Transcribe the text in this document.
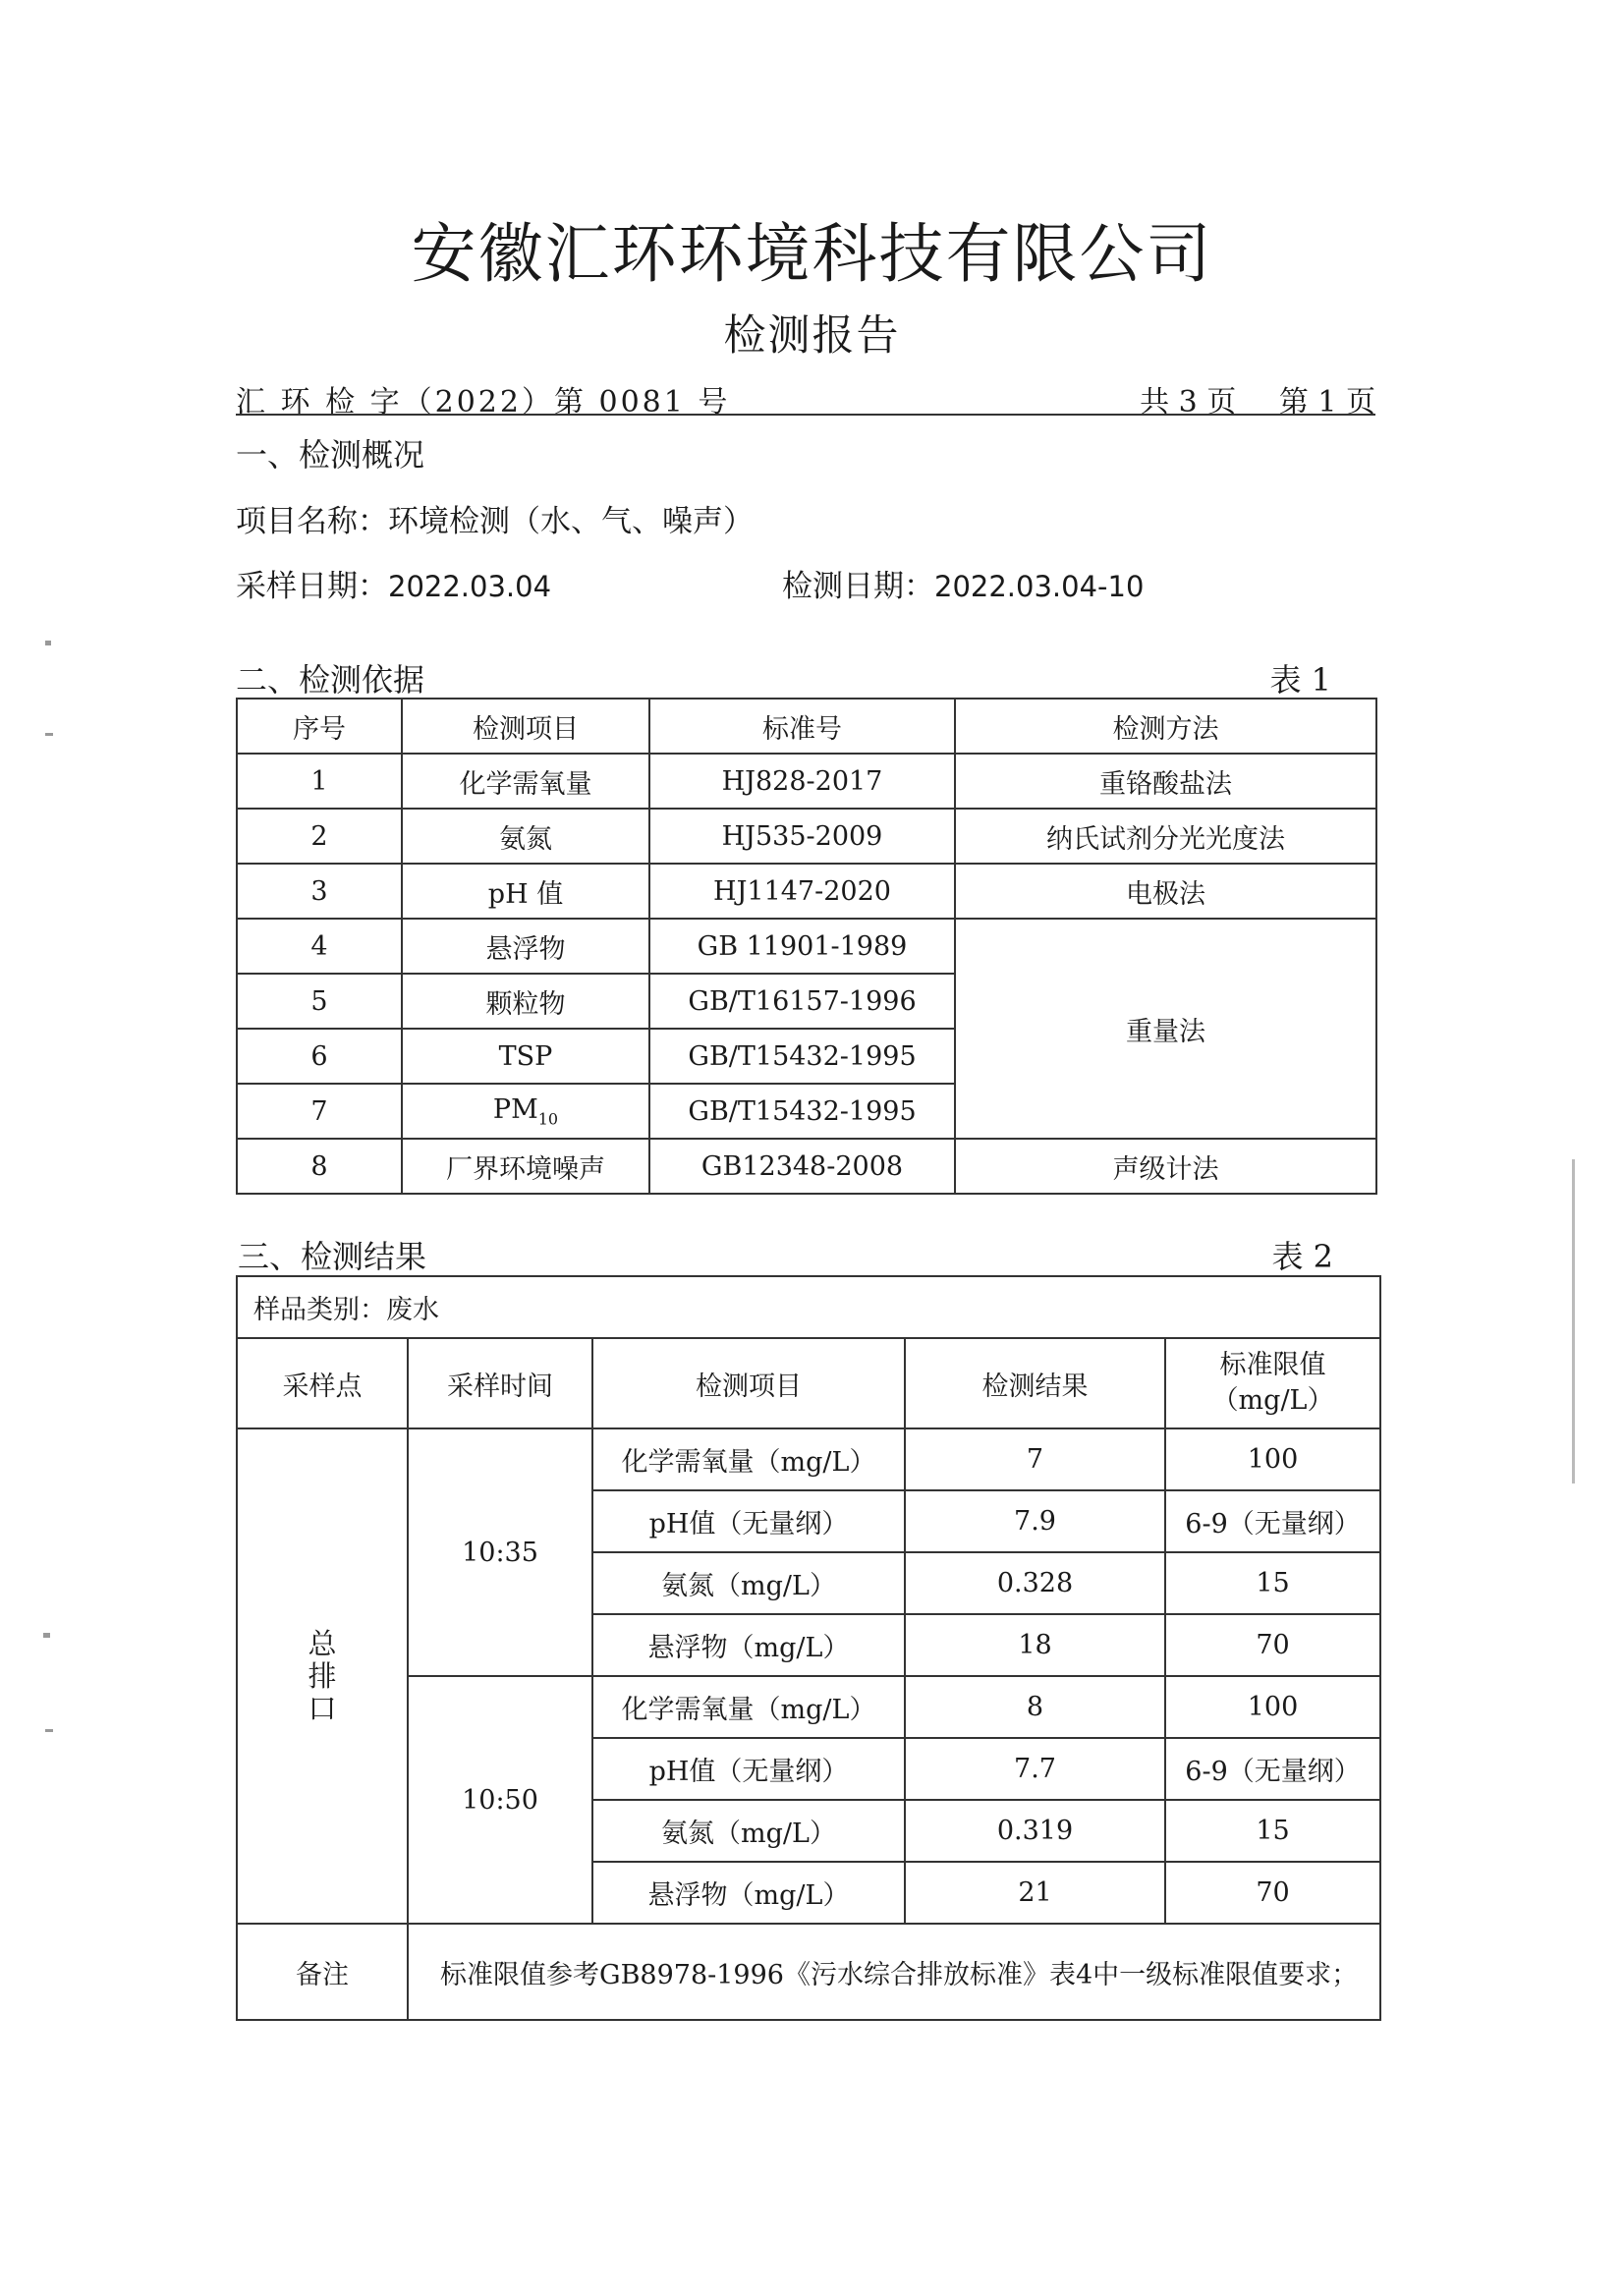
安徽汇环环境科技有限公司
检测报告
汇 环 检 字（2022）第 0081 号	共 3 页 第 1 页
一、检测概况
项目名称：环境检测（水、气、噪声）
采样日期：2022.03.04	检测日期：2022.03.04-10
二、检测依据	表 1
序号	检测项目	标准号	检测方法
1	化学需氧量	HJ828-2017	重铬酸盐法
2	氨氮	HJ535-2009	纳氏试剂分光光度法
3	pH 值	HJ1147-2020	电极法
4	悬浮物	GB 11901-1989	重量法
5	颗粒物	GB/T16157-1996	
6	TSP	GB/T15432-1995	
7	$PM_{10}$	GB/T15432-1995	
8	厂界环境噪声	GB12348-2008	声级计法
三、检测结果	表 2
样品类别：废水				
采样点	采样时间	检测项目	检测结果	标准限值
（mg/L）

总排口	10:35	化学需氧量（mg/L）	7	100
		pH值（无量纲）	7.9	6-9（无量纲）
		氨氮（mg/L）	0.328	15
		悬浮物（mg/L）	18	70
	10:50	化学需氧量（mg/L）	8	100
		pH值（无量纲）	7.7	6-9（无量纲）
		氨氮（mg/L）	0.319	15
		悬浮物（mg/L）	21	70
备注	标准限值参考GB8978-1996《污水综合排放标准》表4中一级标准限值要求；			
